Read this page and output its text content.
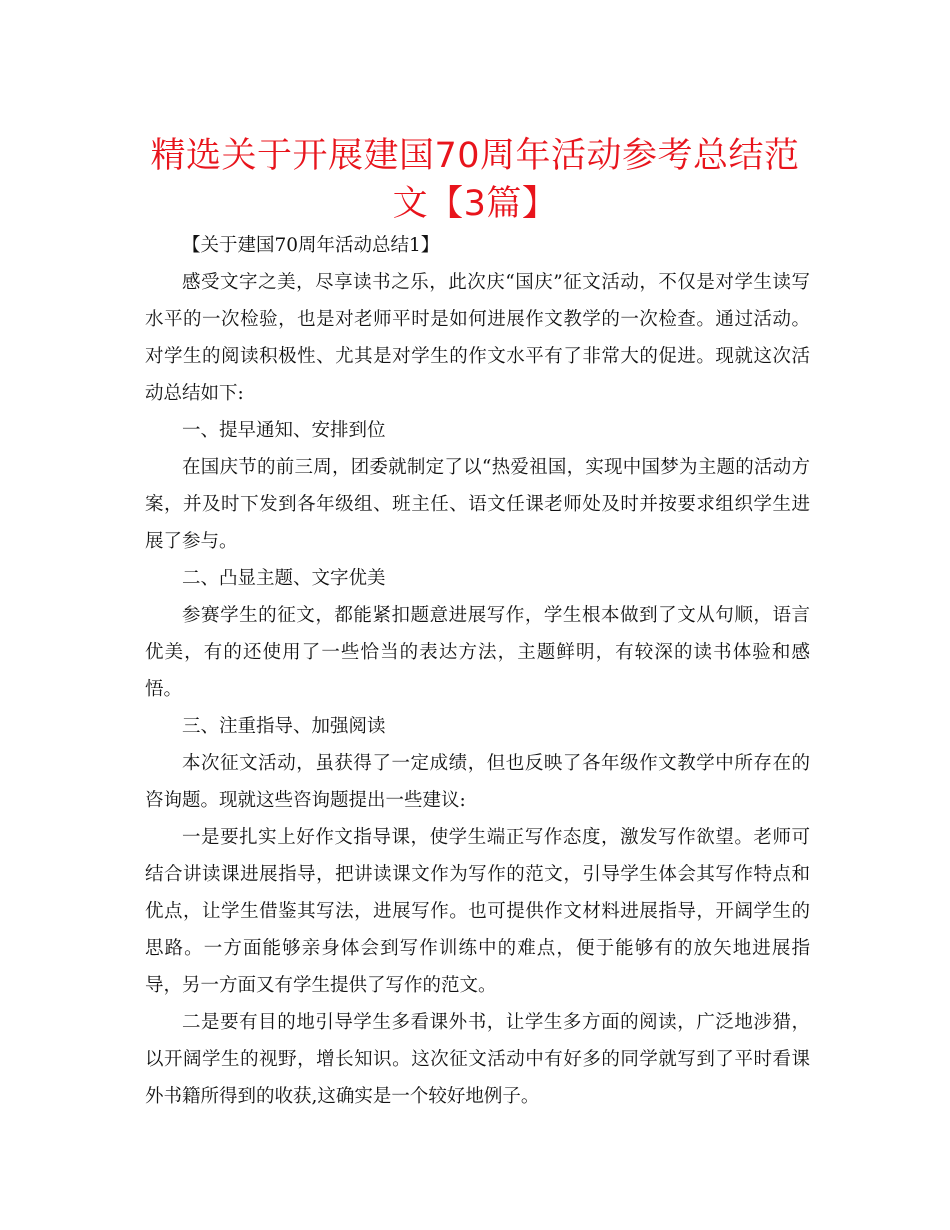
精选关于开展建国70周年活动参考总结范文【3篇】

【关于建国70周年活动总结1】

感受文字之美，尽享读书之乐，此次庆“国庆”征文活动，不仅是对学生读写水平的一次检验，也是对老师平时是如何进展作文教学的一次检查。通过活动。对学生的阅读积极性、尤其是对学生的作文水平有了非常大的促进。现就这次活动总结如下:

一、提早通知、安排到位

在国庆节的前三周，团委就制定了以“热爱祖国，实现中国梦为主题的活动方案，并及时下发到各年级组、班主任、语文任课老师处及时并按要求组织学生进展了参与。

二、凸显主题、文字优美

参赛学生的征文，都能紧扣题意进展写作，学生根本做到了文从句顺，语言优美，有的还使用了一些恰当的表达方法，主题鲜明，有较深的读书体验和感悟。

三、注重指导、加强阅读

本次征文活动，虽获得了一定成绩，但也反映了各年级作文教学中所存在的咨询题。现就这些咨询题提出一些建议:

一是要扎实上好作文指导课，使学生端正写作态度，激发写作欲望。老师可结合讲读课进展指导，把讲读课文作为写作的范文，引导学生体会其写作特点和优点，让学生借鉴其写法，进展写作。也可提供作文材料进展指导，开阔学生的思路。一方面能够亲身体会到写作训练中的难点，便于能够有的放矢地进展指导，另一方面又有学生提供了写作的范文。

二是要有目的地引导学生多看课外书，让学生多方面的阅读，广泛地涉猎，以开阔学生的视野，增长知识。这次征文活动中有好多的同学就写到了平时看课外书籍所得到的收获,这确实是一个较好地例子。
